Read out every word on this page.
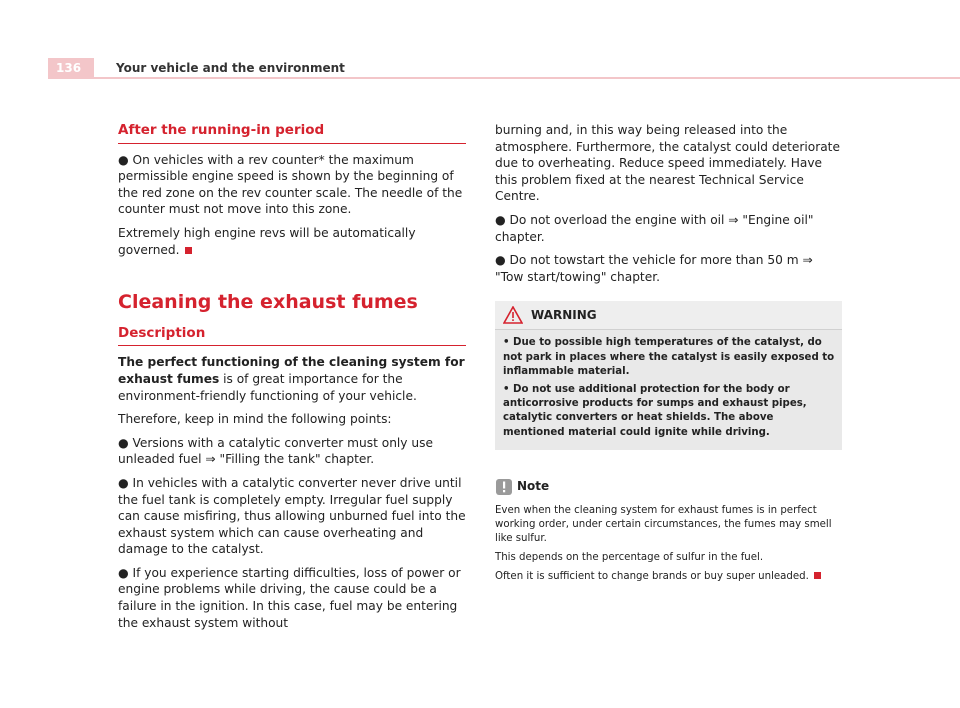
136	Your vehicle and the environment
After the running-in period

● On vehicles with a rev counter* the maximum permissible engine speed is shown by the beginning of the red zone on the rev counter scale. The needle of the counter must not move into this zone.

Extremely high engine revs will be automatically governed.

Cleaning the exhaust fumes
Description

The perfect functioning of the cleaning system for exhaust fumes is of great importance for the environment-friendly functioning of your vehicle.

Therefore, keep in mind the following points:

● Versions with a catalytic converter must only use unleaded fuel ⇒ "Filling the tank" chapter.

● In vehicles with a catalytic converter never drive until the fuel tank is completely empty. Irregular fuel supply can cause misfiring, thus allowing unburned fuel into the exhaust system which can cause overheating and damage to the catalyst.

● If you experience starting difficulties, loss of power or engine problems while driving, the cause could be a failure in the ignition. In this case, fuel may be entering the exhaust system without

burning and, in this way being released into the atmosphere. Furthermore, the catalyst could deteriorate due to overheating. Reduce speed immediately. Have this problem fixed at the nearest Technical Service Centre.

● Do not overload the engine with oil ⇒ "Engine oil" chapter.

● Do not towstart the vehicle for more than 50 m ⇒ "Tow start/towing" chapter.

WARNING

• Due to possible high temperatures of the catalyst, do not park in places where the catalyst is easily exposed to inflammable material.

• Do not use additional protection for the body or anticorrosive products for sumps and exhaust pipes, catalytic converters or heat shields. The above mentioned material could ignite while driving.

Note

Even when the cleaning system for exhaust fumes is in perfect working order, under certain circumstances, the fumes may smell like sulfur.

This depends on the percentage of sulfur in the fuel.

Often it is sufficient to change brands or buy super unleaded.
